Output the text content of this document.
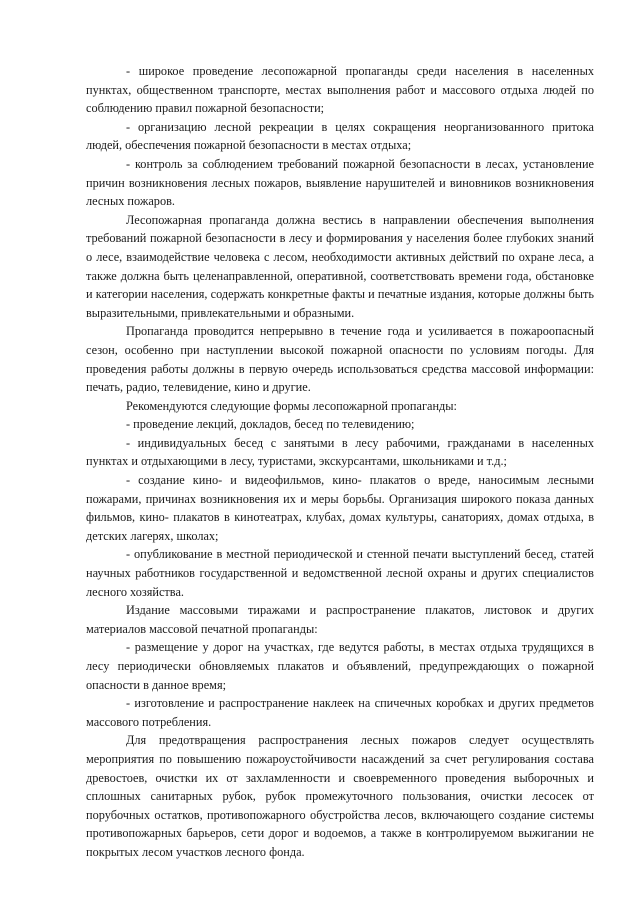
- широкое проведение лесопожарной пропаганды среди населения в населенных пунктах, общественном транспорте, местах выполнения работ и массового отдыха людей по соблюдению правил пожарной безопасности;

- организацию лесной рекреации в целях сокращения неорганизованного притока людей, обеспечения пожарной безопасности в местах отдыха;

- контроль за соблюдением требований пожарной безопасности в лесах, установление причин возникновения лесных пожаров, выявление нарушителей и виновников возникновения лесных пожаров.

Лесопожарная пропаганда должна вестись в направлении обеспечения выполнения требований пожарной безопасности в лесу и формирования у населения более глубоких знаний о лесе, взаимодействие человека с лесом, необходимости активных действий по охране леса, а также должна быть целенаправленной, оперативной, соответствовать времени года, обстановке и категории населения, содержать конкретные факты и печатные издания, которые должны быть выразительными, привлекательными и образными.

Пропаганда проводится непрерывно в течение года и усиливается в пожароопасный сезон, особенно при наступлении высокой пожарной опасности по условиям погоды. Для проведения работы должны в первую очередь использоваться средства массовой информации: печать, радио, телевидение, кино и другие.

Рекомендуются следующие формы лесопожарной пропаганды:

- проведение лекций, докладов, бесед по телевидению;

- индивидуальных бесед с занятыми в лесу рабочими, гражданами в населенных пунктах и отдыхающими в лесу, туристами, экскурсантами, школьниками и т.д.;

- создание кино- и видеофильмов, кино- плакатов о вреде, наносимым лесными пожарами, причинах возникновения их и меры борьбы. Организация широкого показа данных фильмов, кино- плакатов в кинотеатрах, клубах, домах культуры, санаториях, домах отдыха, в детских лагерях, школах;

- опубликование в местной периодической и стенной печати выступлений бесед, статей научных работников государственной и ведомственной лесной охраны и других специалистов лесного хозяйства.

Издание массовыми тиражами и распространение плакатов, листовок и других материалов массовой печатной пропаганды:

- размещение у дорог на участках, где ведутся работы, в местах отдыха трудящихся в лесу периодически обновляемых плакатов и объявлений, предупреждающих о пожарной опасности в данное время;

- изготовление и распространение наклеек на спичечных коробках и других предметов массового потребления.

Для предотвращения распространения лесных пожаров следует осуществлять мероприятия по повышению пожароустойчивости насаждений за счет регулирования состава древостоев, очистки их от захламленности и своевременного проведения выборочных и сплошных санитарных рубок, рубок промежуточного пользования, очистки лесосек от порубочных остатков, противопожарного обустройства лесов, включающего создание системы противопожарных барьеров, сети дорог и водоемов, а также в контролируемом выжигании не покрытых лесом участков лесного фонда.
